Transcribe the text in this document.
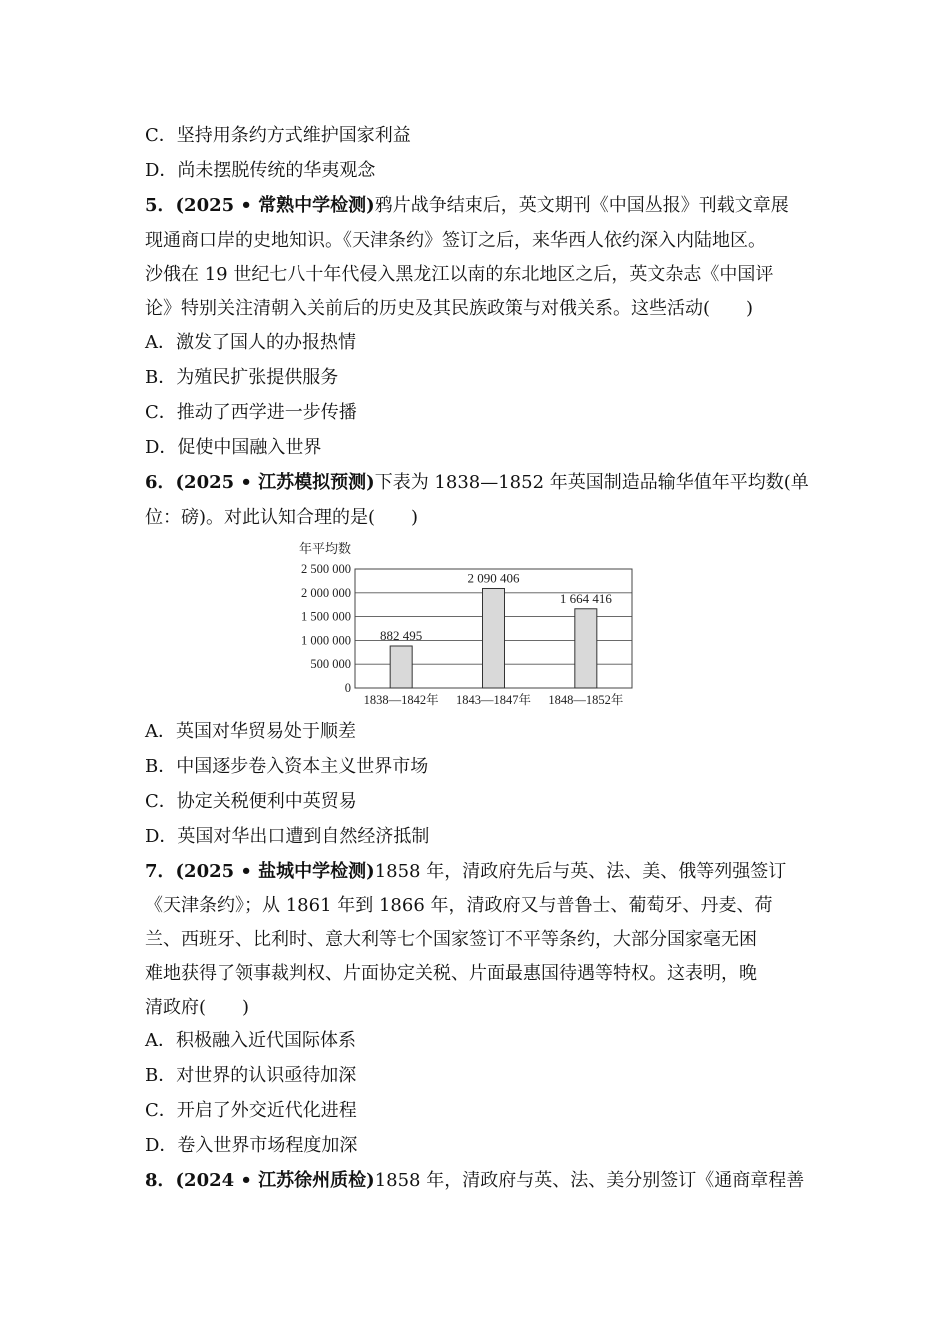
C．坚持用条约方式维护国家利益
D．尚未摆脱传统的华夷观念
5．(2025 • 常熟中学检测)鸦片战争结束后，英文期刊《中国丛报》刊载文章展
现通商口岸的史地知识。《天津条约》签订之后，来华西人依约深入内陆地区。
沙俄在 19 世纪七八十年代侵入黑龙江以南的东北地区之后，英文杂志《中国评
论》特别关注清朝入关前后的历史及其民族政策与对俄关系。这些活动(　　)
A．激发了国人的办报热情
B．为殖民扩张提供服务
C．推动了西学进一步传播
D．促使中国融入世界
6．(2025 • 江苏模拟预测)下表为 1838—1852 年英国制造品输华值年平均数(单
位：磅)。对此认知合理的是(　　)
年平均数
0
500 000
1 000 000
1 500 000
2 000 000
2 500 000
882 495
1838—1842年
2 090 406
1843—1847年
1 664 416
1848—1852年
A．英国对华贸易处于顺差
B．中国逐步卷入资本主义世界市场
C．协定关税便利中英贸易
D．英国对华出口遭到自然经济抵制
7．(2025 • 盐城中学检测)1858 年，清政府先后与英、法、美、俄等列强签订
《天津条约》；从 1861 年到 1866 年，清政府又与普鲁士、葡萄牙、丹麦、荷
兰、西班牙、比利时、意大利等七个国家签订不平等条约，大部分国家毫无困
难地获得了领事裁判权、片面协定关税、片面最惠国待遇等特权。这表明，晚
清政府(　　)
A．积极融入近代国际体系
B．对世界的认识亟待加深
C．开启了外交近代化进程
D．卷入世界市场程度加深
8．(2024 • 江苏徐州质检)1858 年，清政府与英、法、美分别签订《通商章程善
